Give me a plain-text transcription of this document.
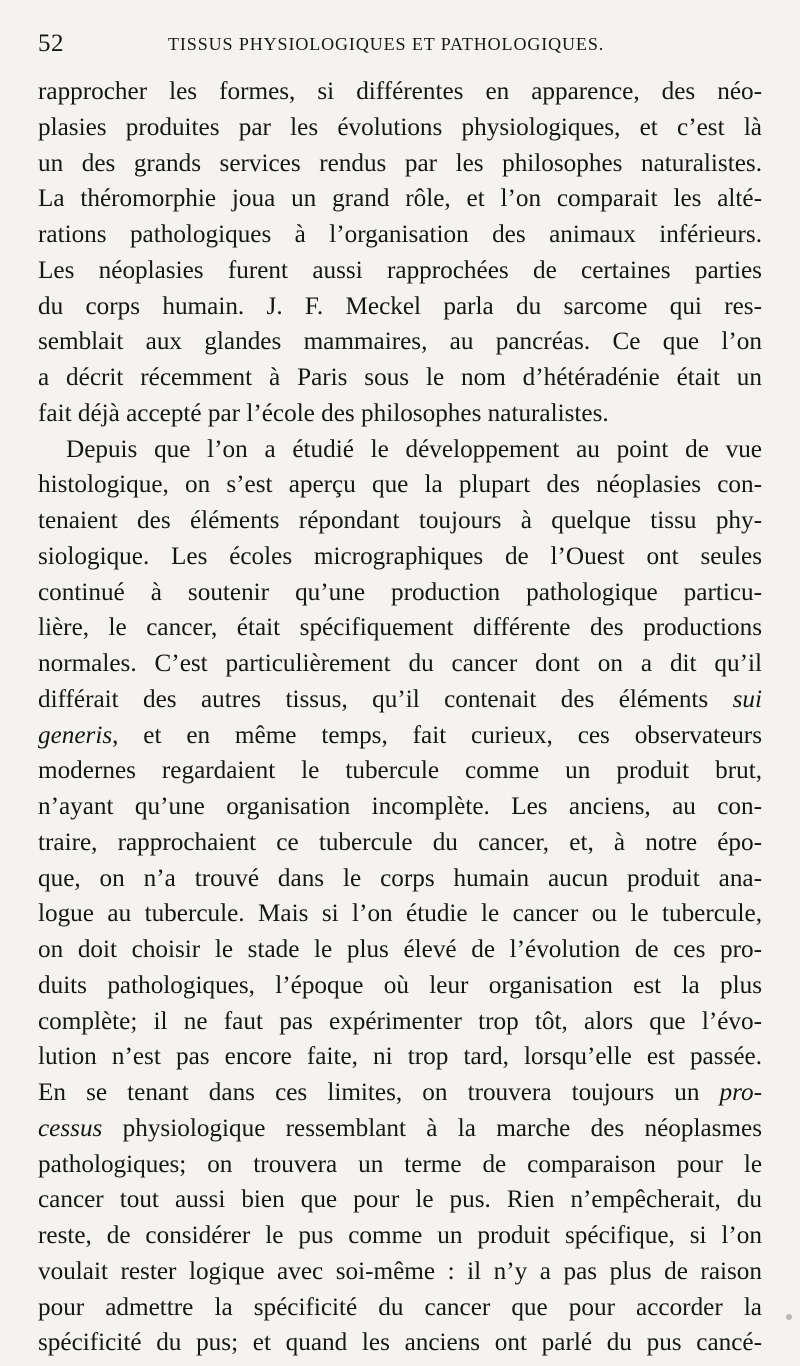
52	TISSUS PHYSIOLOGIQUES ET PATHOLOGIQUES.
rapprocher les formes, si différentes en apparence, des néo-
plasies produites par les évolutions physiologiques, et c’est là
un des grands services rendus par les philosophes naturalistes.
La théromorphie joua un grand rôle, et l’on comparait les alté-
rations pathologiques à l’organisation des animaux inférieurs.
Les néoplasies furent aussi rapprochées de certaines parties
du corps humain. J. F. Meckel parla du sarcome qui res-
semblait aux glandes mammaires, au pancréas. Ce que l’on
a décrit récemment à Paris sous le nom d’hétéradénie était un
fait déjà accepté par l’école des philosophes naturalistes.
Depuis que l’on a étudié le développement au point de vue
histologique, on s’est aperçu que la plupart des néoplasies con-
tenaient des éléments répondant toujours à quelque tissu phy-
siologique. Les écoles micrographiques de l’Ouest ont seules
continué à soutenir qu’une production pathologique particu-
lière, le cancer, était spécifiquement différente des productions
normales. C’est particulièrement du cancer dont on a dit qu’il
différait des autres tissus, qu’il contenait des éléments sui
generis, et en même temps, fait curieux, ces observateurs
modernes regardaient le tubercule comme un produit brut,
n’ayant qu’une organisation incomplète. Les anciens, au con-
traire, rapprochaient ce tubercule du cancer, et, à notre épo-
que, on n’a trouvé dans le corps humain aucun produit ana-
logue au tubercule. Mais si l’on étudie le cancer ou le tubercule,
on doit choisir le stade le plus élevé de l’évolution de ces pro-
duits pathologiques, l’époque où leur organisation est la plus
complète; il ne faut pas expérimenter trop tôt, alors que l’évo-
lution n’est pas encore faite, ni trop tard, lorsqu’elle est passée.
En se tenant dans ces limites, on trouvera toujours un pro-
cessus physiologique ressemblant à la marche des néoplasmes
pathologiques; on trouvera un terme de comparaison pour le
cancer tout aussi bien que pour le pus. Rien n’empêcherait, du
reste, de considérer le pus comme un produit spécifique, si l’on
voulait rester logique avec soi-même : il n’y a pas plus de raison
pour admettre la spécificité du cancer que pour accorder la
spécificité du pus; et quand les anciens ont parlé du pus cancé-
